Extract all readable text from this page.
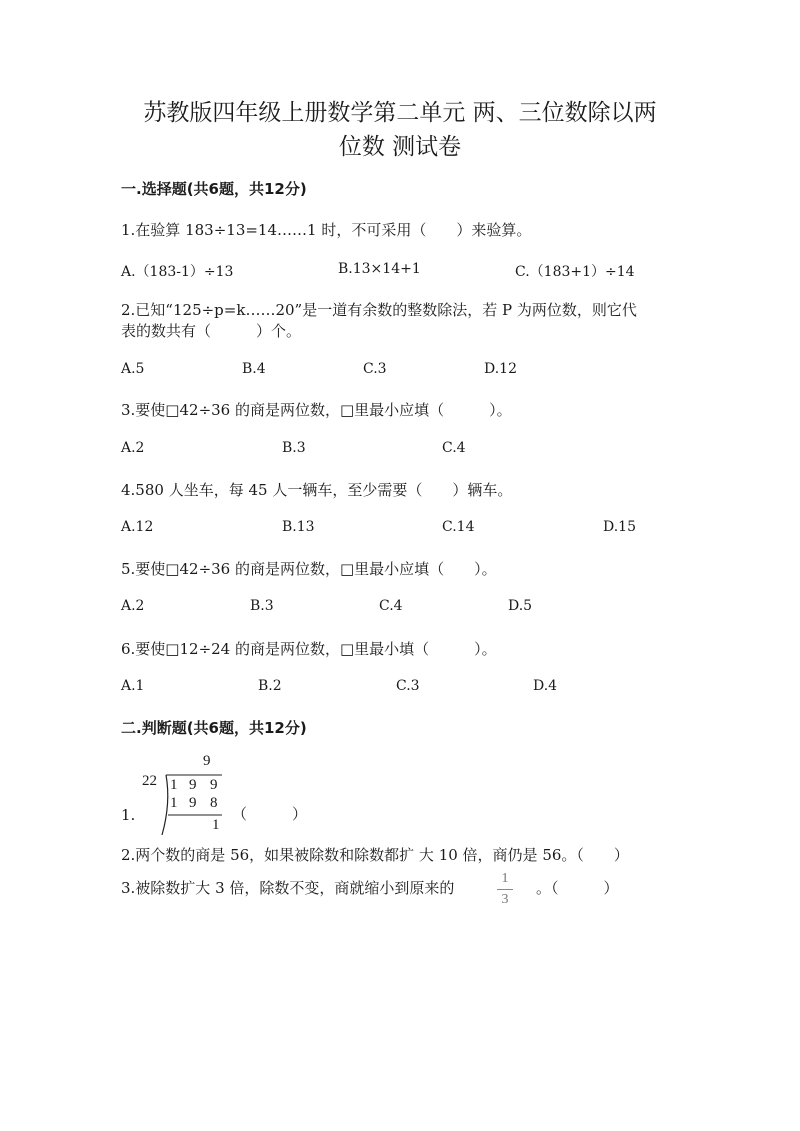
苏教版四年级上册数学第二单元 两、三位数除以两
位数 测试卷
一.选择题(共6题，共12分)
1.在验算 183÷13=14……1 时，不可采用（　　）来验算。
A.（183-1）÷13	B.13×14+1	C.（183+1）÷14
2.已知“125÷p=k……20”是一道有余数的整数除法，若 P 为两位数，则它代
表的数共有（　　　）个。
A.5	B.4	C.3	D.12
3.要使□42÷36 的商是两位数，□里最小应填（　　　）。
A.2	B.3	C.4
4.580 人坐车，每 45 人一辆车，至少需要（　　）辆车。
A.12	B.13	C.14	D.15
5.要使□42÷36 的商是两位数，□里最小应填（　　）。
A.2	B.3	C.4	D.5
6.要使□12÷24 的商是两位数，□里最小填（　　　）。
A.1	B.2	C.3	D.4
二.判断题(共6题，共12分)
9
22 1 9 9
1 9 8
1
1.	（　　　）
2.两个数的商是 56，如果被除数和除数都扩 大 10 倍，商仍是 56。（　　）
3.被除数扩大 3 倍，除数不变，商就缩小到原来的
1
3
。（　　　）
